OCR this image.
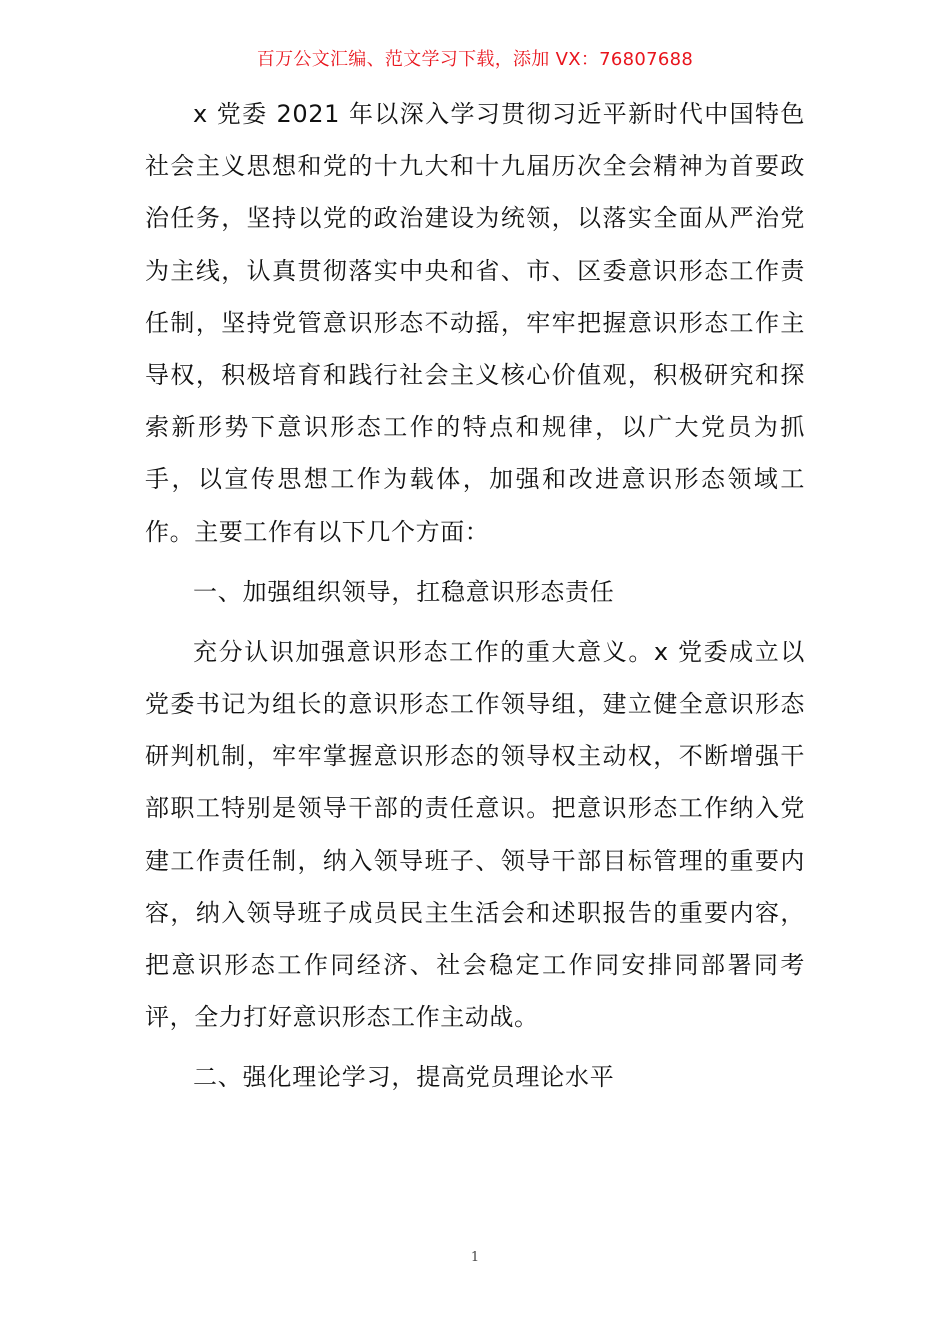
百万公文汇编、范文学习下载，添加 VX：76807688

x 党委 2021 年以深入学习贯彻习近平新时代中国特色社会主义思想和党的十九大和十九届历次全会精神为首要政治任务，坚持以党的政治建设为统领，以落实全面从严治党为主线，认真贯彻落实中央和省、市、区委意识形态工作责任制，坚持党管意识形态不动摇，牢牢把握意识形态工作主导权，积极培育和践行社会主义核心价值观，积极研究和探索新形势下意识形态工作的特点和规律，以广大党员为抓手，以宣传思想工作为载体，加强和改进意识形态领域工作。主要工作有以下几个方面：

一、加强组织领导，扛稳意识形态责任

充分认识加强意识形态工作的重大意义。x 党委成立以党委书记为组长的意识形态工作领导组，建立健全意识形态研判机制，牢牢掌握意识形态的领导权主动权，不断增强干部职工特别是领导干部的责任意识。把意识形态工作纳入党建工作责任制，纳入领导班子、领导干部目标管理的重要内容，纳入领导班子成员民主生活会和述职报告的重要内容，把意识形态工作同经济、社会稳定工作同安排同部署同考评，全力打好意识形态工作主动战。

二、强化理论学习，提高党员理论水平

1
